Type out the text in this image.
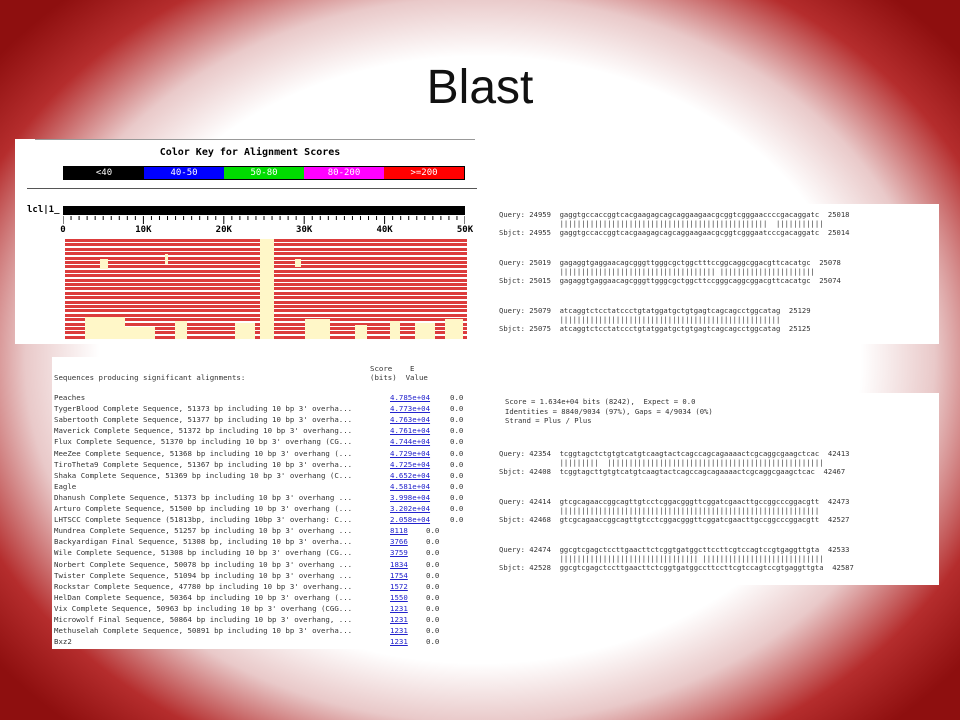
Blast
Color Key for Alignment Scores
<40	40-50	50-80	80-200	>=200
lcl|1_
0	10K	20K	30K	40K	50K
Query: 24959  gaggtgccaccggtcacgaagagcagcaggaagaacgcggtcgggaaccccgacaggatc  25018
||||||||||||||||||||||||||||||||||||||||||||||||  |||||||||||
Sbjct: 24955  gaggtgccaccggtcacgaagagcagcaggaagaacgcggtcgggaatcccgacaggatc  25014
Query: 25019  gagaggtgaggaacagcgggttgggcgctggctttccggcaggcggacgttcacatgc  25078
|||||||||||||||||||||||||||||||||||| ||||||||||||||||||||||
Sbjct: 25015  gagaggtgaggaacagcgggttgggcgctggcttccgggcaggcggacgttcacatgc  25074
Query: 25079  atcaggtctcctatccctgtatggatgctgtgagtcagcagcctggcatag  25129
|||||||||||||||||||||||||||||||||||||||||||||||||||
Sbjct: 25075  atcaggtctcctatccctgtatggatgctgtgagtcagcagcctggcatag  25125
Score = 1.634e+04 bits (8242),  Expect = 0.0
Identities = 8840/9034 (97%), Gaps = 4/9034 (0%)
Strand = Plus / Plus
Query: 42354  tcggtagctctgtgtcatgtcaagtactcagccagcagaaaactcgcaggcgaagctcac  42413
|||||||||  ||||||||||||||||||||||||||||||||||||||||||||||||||
Sbjct: 42408  tcggtagcttgtgtcatgtcaagtactcagccagcagaaaactcgcaggcgaagctcac  42467
Query: 42414  gtcgcagaaccggcagttgtcctcggacgggttcggatcgaacttgccggcccggacgtt  42473
||||||||||||||||||||||||||||||||||||||||||||||||||||||||||||
Sbjct: 42468  gtcgcagaaccggcagttgtcctcggacgggttcggatcgaacttgccggcccggacgtt  42527
Query: 42474  ggcgtcgagctccttgaacttctcggtgatggcttccttcgtccagtccgtgaggttgta  42533
|||||||||||||||||||||||||||||||| ||||||||||||||||||||||||||||
Sbjct: 42528  ggcgtcgagctccttgaacttctcggtgatggccttccttcgtccagtccgtgaggttgta  42587
Sequences producing significant alignments:
Score    E
(bits)  Value
Peaches	4.785e+04	0.0
TygerBlood Complete Sequence, 51373 bp including 10 bp 3' overha...	4.773e+04	0.0
Sabertooth Complete Sequence, 51377 bp including 10 bp 3' overha...	4.763e+04	0.0
Maverick Complete Sequence, 51372 bp including 10 bp 3' overhang...	4.761e+04	0.0
Flux Complete Sequence, 51370 bp including 10 bp 3' overhang (CG...	4.744e+04	0.0
MeeZee Complete Sequence, 51368 bp including 10 bp 3' overhang (...	4.729e+04	0.0
TiroTheta9 Complete Sequence, 51367 bp including 10 bp 3' overha...	4.725e+04	0.0
Shaka Complete Sequence, 51369 bp including 10 bp 3' overhang (C...	4.652e+04	0.0
Eagle	4.581e+04	0.0
Dhanush Complete Sequence, 51373 bp including 10 bp 3' overhang ...	3.998e+04	0.0
Arturo Complete Sequence, 51500 bp including 10 bp 3' overhang (...	3.202e+04	0.0
LHTSCC Complete Sequence (51813bp, including 10bp 3' overhang: C...	2.058e+04	0.0
Mundrea Complete Sequence, 51257 bp including 10 bp 3' overhang ...	8118 0.0
Backyardigan Final Sequence, 51308 bp, including 10 bp 3' overha...	3766 0.0
Wile Complete Sequence, 51308 bp including 10 bp 3' overhang (CG...	3759 0.0
Norbert Complete Sequence, 50078 bp including 10 bp 3' overhang ...	1834 0.0
Twister Complete Sequence, 51094 bp including 10 bp 3' overhang ...	1754 0.0
Rockstar Complete Sequence, 47780 bp including 10 bp 3' overhang...	1572 0.0
HelDan Complete Sequence, 50364 bp including 10 bp 3' overhang (...	1550 0.0
Vix Complete Sequence, 50963 bp including 10 bp 3' overhang (CGG...	1231 0.0
Microwolf Final Sequence, 50864 bp including 10 bp 3' overhang, ...	1231 0.0
Methuselah Complete Sequence, 50891 bp including 10 bp 3' overha...	1231 0.0
Bxz2	1231 0.0
